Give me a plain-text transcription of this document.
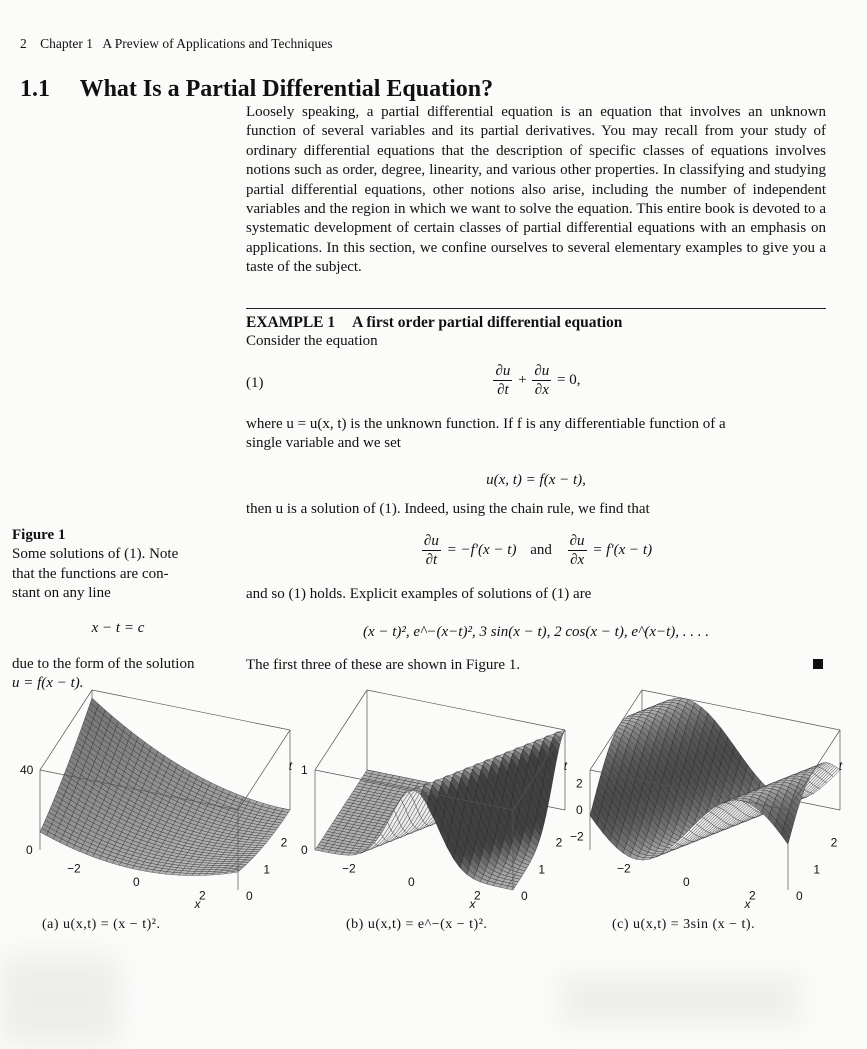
2 Chapter 1   A Preview of Applications and Techniques
1.1 What Is a Partial Differential Equation?
Loosely speaking, a partial differential equation is an equation that involves an unknown function of several variables and its partial derivatives. You may recall from your study of ordinary differential equations that the description of specific classes of equations involves notions such as order, degree, linearity, and various other properties. In classifying and studying partial differential equations, other notions also arise, including the number of independent variables and the region in which we want to solve the equation. This entire book is devoted to a systematic development of certain classes of partial differential equations with an emphasis on applications. In this section, we confine ourselves to several elementary examples to give you a taste of the subject.
EXAMPLE 1 A first order partial differential equation
Consider the equation
(1)	$\frac{\partial u}{\partial t} + \frac{\partial u}{\partial x} = 0$,
where u = u(x, t) is the unknown function. If f is any differentiable function of a
single variable and we set
u(x, t) = f(x − t),
then u is a solution of (1). Indeed, using the chain rule, we find that
$\frac{\partial u}{\partial t} = -f'(x - t)$ and $\frac{\partial u}{\partial x} = f'(x - t)$
and so (1) holds. Explicit examples of solutions of (1) are
(x − t)², e^−(x−t)², 3 sin(x − t), 2 cos(x − t), e^(x−t), . . . .
The first three of these are shown in Figure 1.
Figure 1
Some solutions of (1). Note
that the functions are con-
stant on any line
x − t = c
due to the form of the solution
u = f(x − t).
40
0
−2
0
2
2
1
0
x
t 1
0
−2
0
2
2
1
0
x
t
2
0
−2
−2
0
2
2
1
0
x
t
(a) u(x,t) = (x − t)².	(b) u(x,t) = e^−(x − t)².	(c) u(x,t) = 3sin (x − t).
